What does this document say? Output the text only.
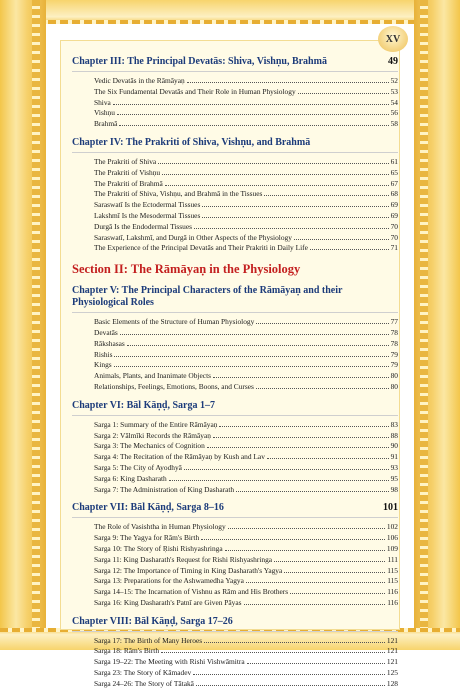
XV
Chapter III: The Principal Devatās: Shiva, Vishṇu, Brahmā	49
Vedic Devatās in the Rāmāyaṇ	52
The Six Fundamental Devatās and Their Role in Human Physiology	53
Shiva	54
Vishṇu	56
Brahmā	58
Chapter IV: The Prakriti of Shiva, Vishṇu, and Brahmā
The Prakriti of Shiva	61
The Prakriti of Vishṇu	65
The Prakriti of Brahmā	67
The Prakriti of Shiva, Vishṇu, and Brahmā in the Tissues	68
Saraswatī Is the Ectodermal Tissues	69
Lakshmī Is the Mesodermal Tissues	69
Durgā Is the Endodermal Tissues	70
Saraswatī, Lakshmī, and Durgā in Other Aspects of the Physiology	70
The Experience of the Principal Devatās and Their Prakriti in Daily Life	71
Section II: The Rāmāyaṇ in the Physiology
Chapter V: The Principal Characters of the Rāmāyaṇ and their Physiological Roles
Basic Elements of the Structure of Human Physiology	77
Devatās	78
Rākshasas	78
Rishis	79
Kings	79
Animals, Plants, and Inanimate Objects	80
Relationships, Feelings, Emotions, Boons, and Curses	80
Chapter VI: Bāl Kāṇḍ, Sarga 1–7
Sarga 1: Summary of the Entire Rāmāyaṇ	83
Sarga 2: Vālmīki Records the Rāmāyaṇ	88
Sarga 3: The Mechanics of Cognition	90
Sarga 4: The Recitation of the Rāmāyaṇ by Kush and Lav	91
Sarga 5: The City of Ayodhyā	93
Sarga 6: King Dasharath	95
Sarga 7: The Administration of King Dasharath	98
Chapter VII: Bāl Kāṇḍ, Sarga 8–16	101
The Role of Vasishtha in Human Physiology	102
Sarga 9: The Yagya for Rām's Birth	106
Sarga 10: The Story of Ṛishi Rishyashringa	109
Sarga 11: King Dasharath's Request for Rishi Rishyashringa	111
Sarga 12: The Importance of Timing in King Dasharath's Yagya	115
Sarga 13: Preparations for the Ashwamedha Yagya	115
Sarga 14–15: The Incarnation of Vishnu as Rām and His Brothers	116
Sarga 16: King Dasharath's Patnī are Given Pāyas	116
Chapter VIII: Bāl Kāṇḍ, Sarga 17–26
Sarga 17: The Birth of Many Heroes	121
Sarga 18: Rām's Birth	121
Sarga 19–22: The Meeting with Rishi Vishwāmitra	121
Sarga 23: The Story of Kāmadev	125
Sarga 24–26: The Story of Tātakā	128
